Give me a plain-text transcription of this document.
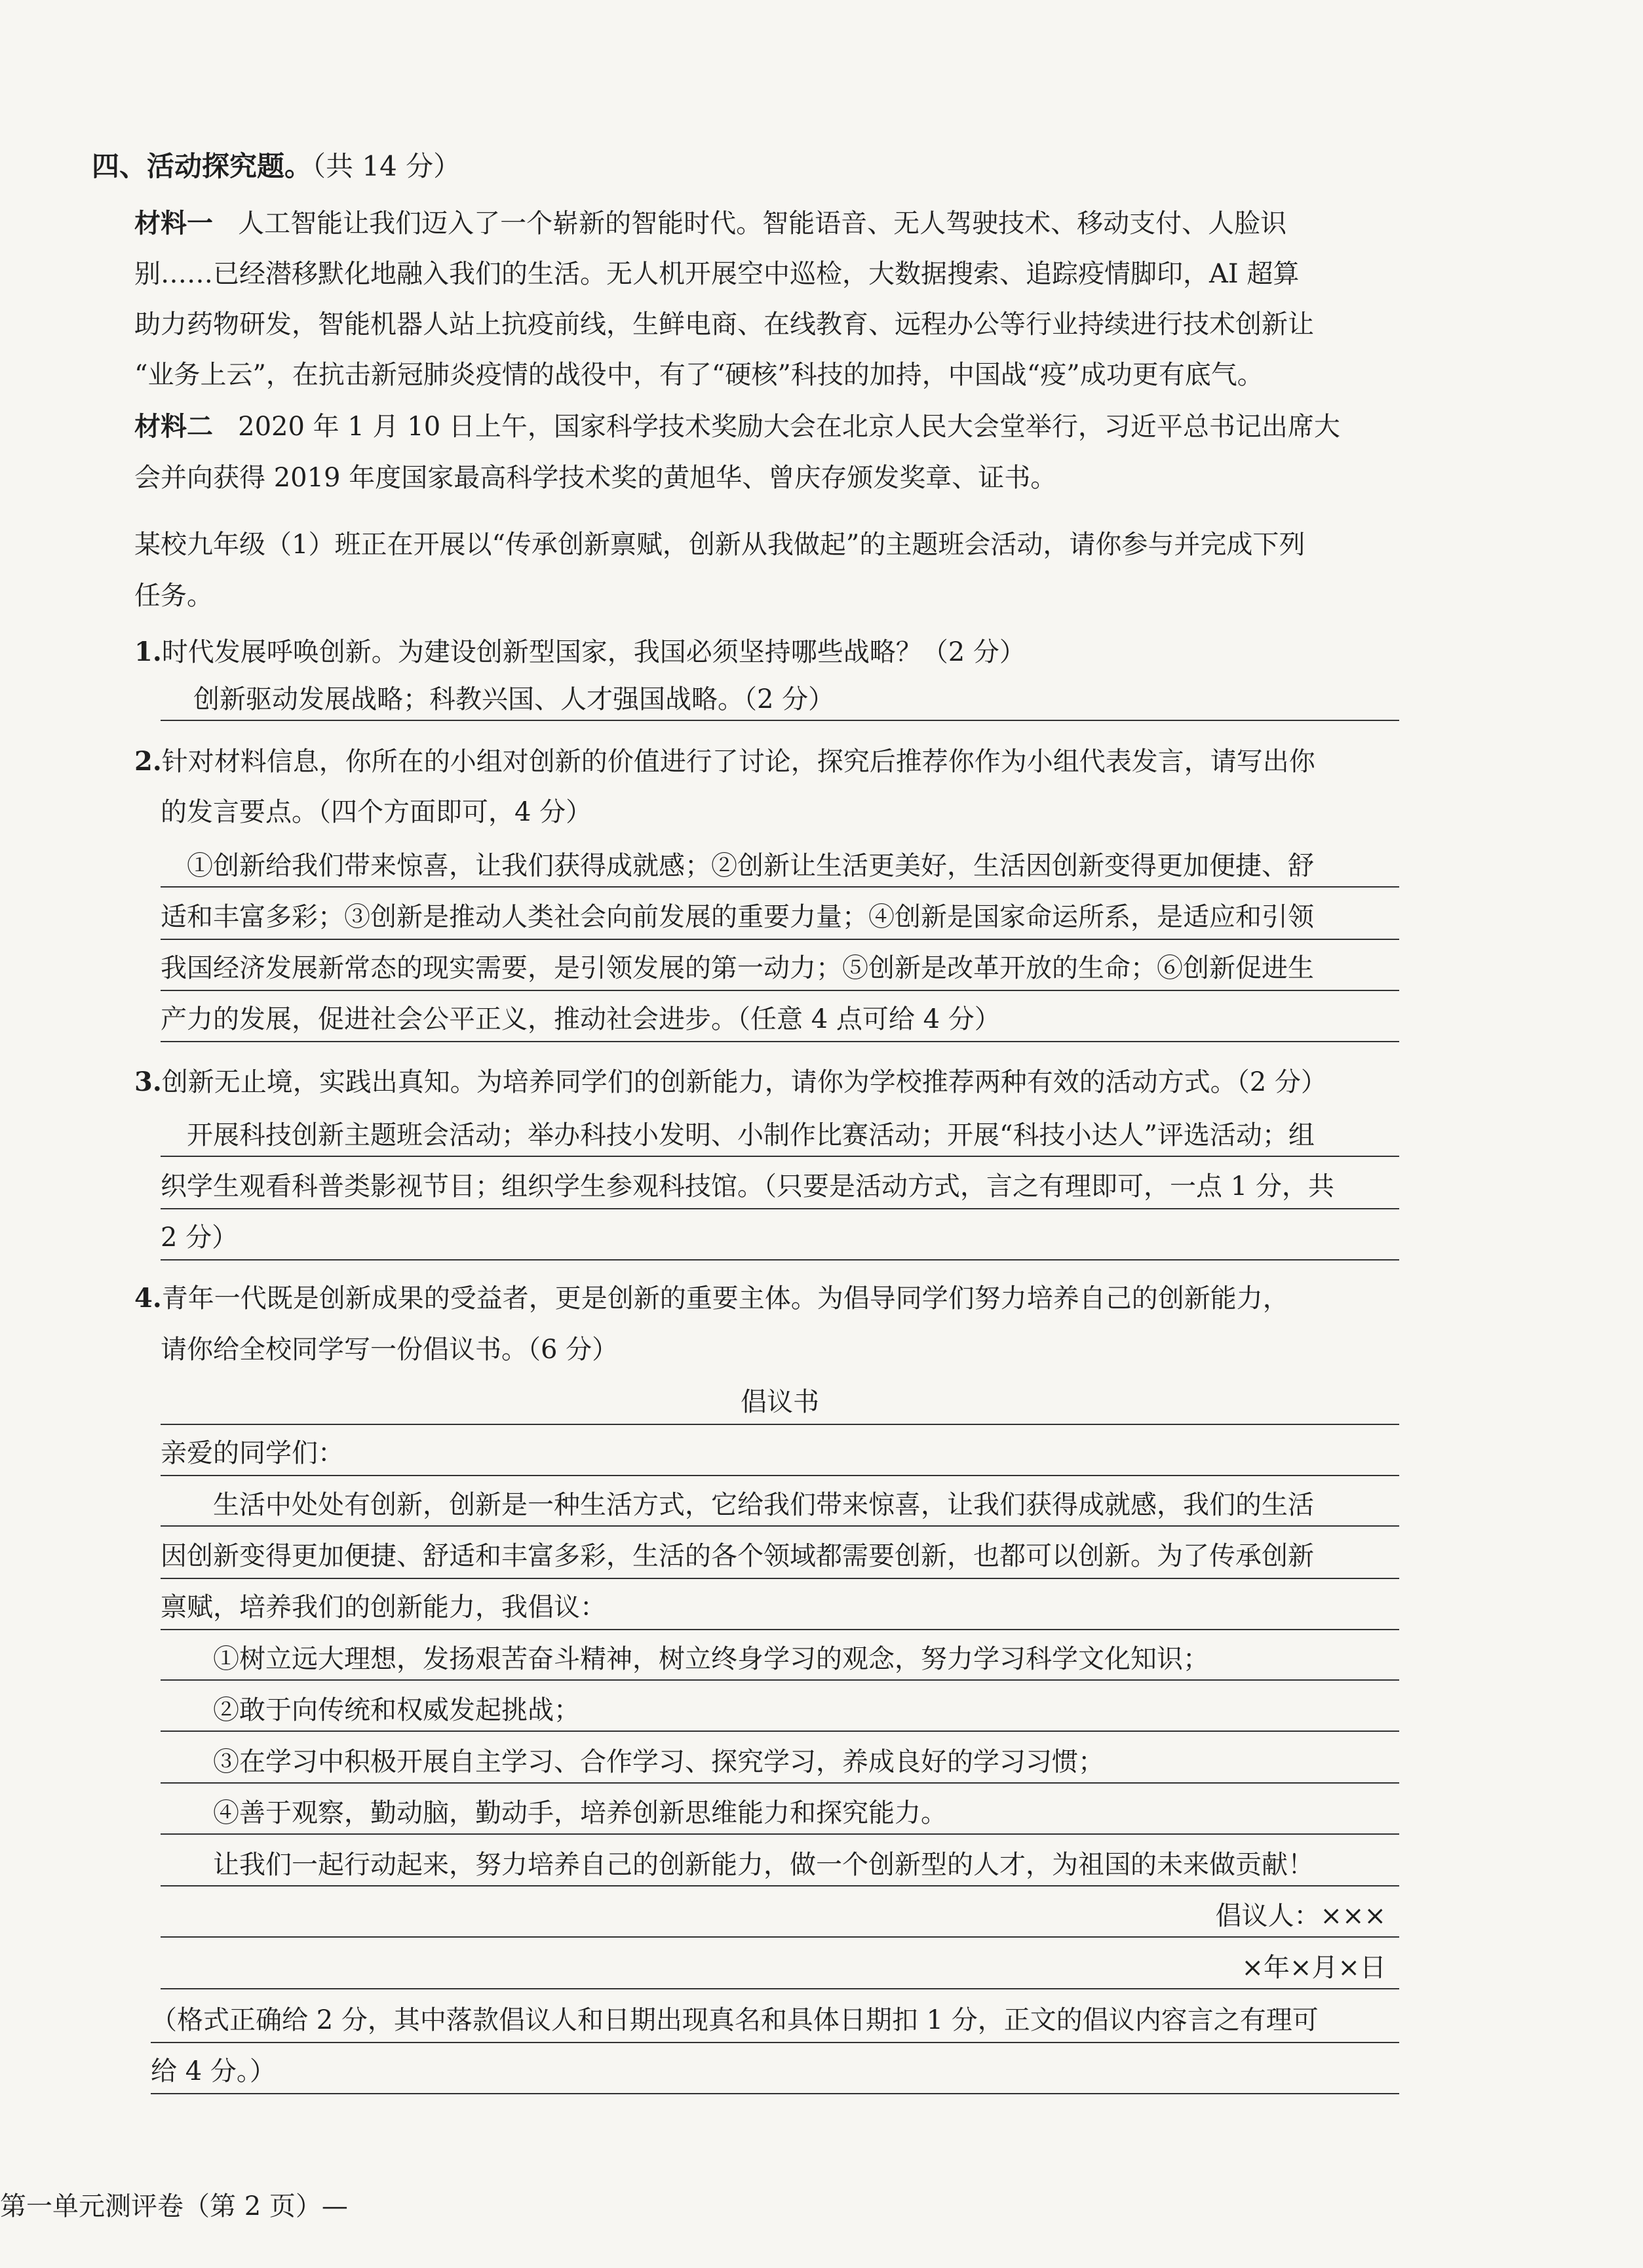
四、活动探究题。（共 14 分）
材料一 人工智能让我们迈入了一个崭新的智能时代。智能语音、无人驾驶技术、移动支付、人脸识
别……已经潜移默化地融入我们的生活。无人机开展空中巡检，大数据搜索、追踪疫情脚印，AI 超算
助力药物研发，智能机器人站上抗疫前线，生鲜电商、在线教育、远程办公等行业持续进行技术创新让
“业务上云”，在抗击新冠肺炎疫情的战役中，有了“硬核”科技的加持，中国战“疫”成功更有底气。
材料二 2020 年 1 月 10 日上午，国家科学技术奖励大会在北京人民大会堂举行，习近平总书记出席大
会并向获得 2019 年度国家最高科学技术奖的黄旭华、曾庆存颁发奖章、证书。
某校九年级（1）班正在开展以“传承创新禀赋，创新从我做起”的主题班会活动，请你参与并完成下列
任务。
1.时代发展呼唤创新。为建设创新型国家，我国必须坚持哪些战略？（2 分）
创新驱动发展战略；科教兴国、人才强国战略。（2 分）
2.针对材料信息，你所在的小组对创新的价值进行了讨论，探究后推荐你作为小组代表发言，请写出你
的发言要点。（四个方面即可，4 分）
①创新给我们带来惊喜，让我们获得成就感；②创新让生活更美好，生活因创新变得更加便捷、舒
适和丰富多彩；③创新是推动人类社会向前发展的重要力量；④创新是国家命运所系，是适应和引领
我国经济发展新常态的现实需要，是引领发展的第一动力；⑤创新是改革开放的生命；⑥创新促进生
产力的发展，促进社会公平正义，推动社会进步。（任意 4 点可给 4 分）
3.创新无止境，实践出真知。为培养同学们的创新能力，请你为学校推荐两种有效的活动方式。（2 分）
开展科技创新主题班会活动；举办科技小发明、小制作比赛活动；开展“科技小达人”评选活动；组
织学生观看科普类影视节目；组织学生参观科技馆。（只要是活动方式，言之有理即可，一点 1 分，共
2 分）
4.青年一代既是创新成果的受益者，更是创新的重要主体。为倡导同学们努力培养自己的创新能力，
请你给全校同学写一份倡议书。（6 分）
倡议书
亲爱的同学们：
生活中处处有创新，创新是一种生活方式，它给我们带来惊喜，让我们获得成就感，我们的生活
因创新变得更加便捷、舒适和丰富多彩，生活的各个领域都需要创新，也都可以创新。为了传承创新
禀赋，培养我们的创新能力，我倡议：
①树立远大理想，发扬艰苦奋斗精神，树立终身学习的观念，努力学习科学文化知识；
②敢于向传统和权威发起挑战；
③在学习中积极开展自主学习、合作学习、探究学习，养成良好的学习习惯；
④善于观察，勤动脑，勤动手，培养创新思维能力和探究能力。
让我们一起行动起来，努力培养自己的创新能力，做一个创新型的人才，为祖国的未来做贡献！
倡议人：×××
×年×月×日
（格式正确给 2 分，其中落款倡议人和日期出现真名和具体日期扣 1 分，正文的倡议内容言之有理可
给 4 分。）
第一单元测评卷（第 2 页）—
